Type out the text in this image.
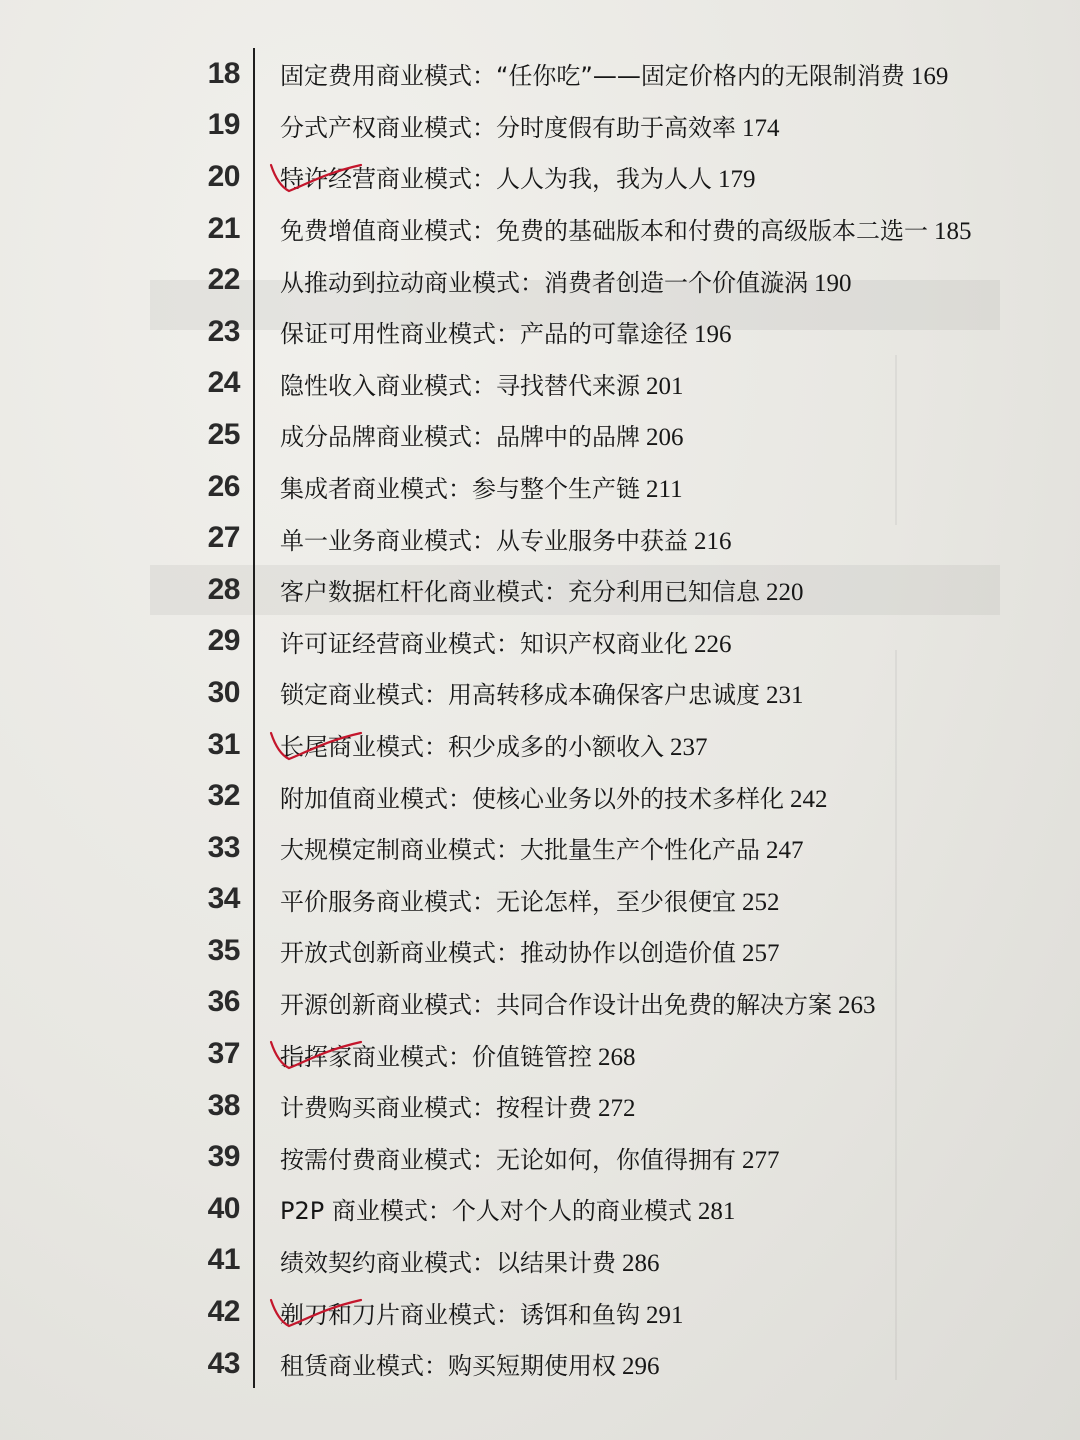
18 固定费用商业模式：“任你吃”——固定价格内的无限制消费 169
19 分式产权商业模式：分时度假有助于高效率 174
20 特许经营商业模式：人人为我，我为人人 179
21 免费增值商业模式：免费的基础版本和付费的高级版本二选一 185
22 从推动到拉动商业模式：消费者创造一个价值漩涡 190
23 保证可用性商业模式：产品的可靠途径 196
24 隐性收入商业模式：寻找替代来源 201
25 成分品牌商业模式：品牌中的品牌 206
26 集成者商业模式：参与整个生产链 211
27 单一业务商业模式：从专业服务中获益 216
28 客户数据杠杆化商业模式：充分利用已知信息 220
29 许可证经营商业模式：知识产权商业化 226
30 锁定商业模式：用高转移成本确保客户忠诚度 231
31 长尾商业模式：积少成多的小额收入 237
32 附加值商业模式：使核心业务以外的技术多样化 242
33 大规模定制商业模式：大批量生产个性化产品 247
34 平价服务商业模式：无论怎样，至少很便宜 252
35 开放式创新商业模式：推动协作以创造价值 257
36 开源创新商业模式：共同合作设计出免费的解决方案 263
37 指挥家商业模式：价值链管控 268
38 计费购买商业模式：按程计费 272
39 按需付费商业模式：无论如何，你值得拥有 277
40 P2P 商业模式：个人对个人的商业模式 281
41 绩效契约商业模式：以结果计费 286
42 剃刀和刀片商业模式：诱饵和鱼钩 291
43 租赁商业模式：购买短期使用权 296
